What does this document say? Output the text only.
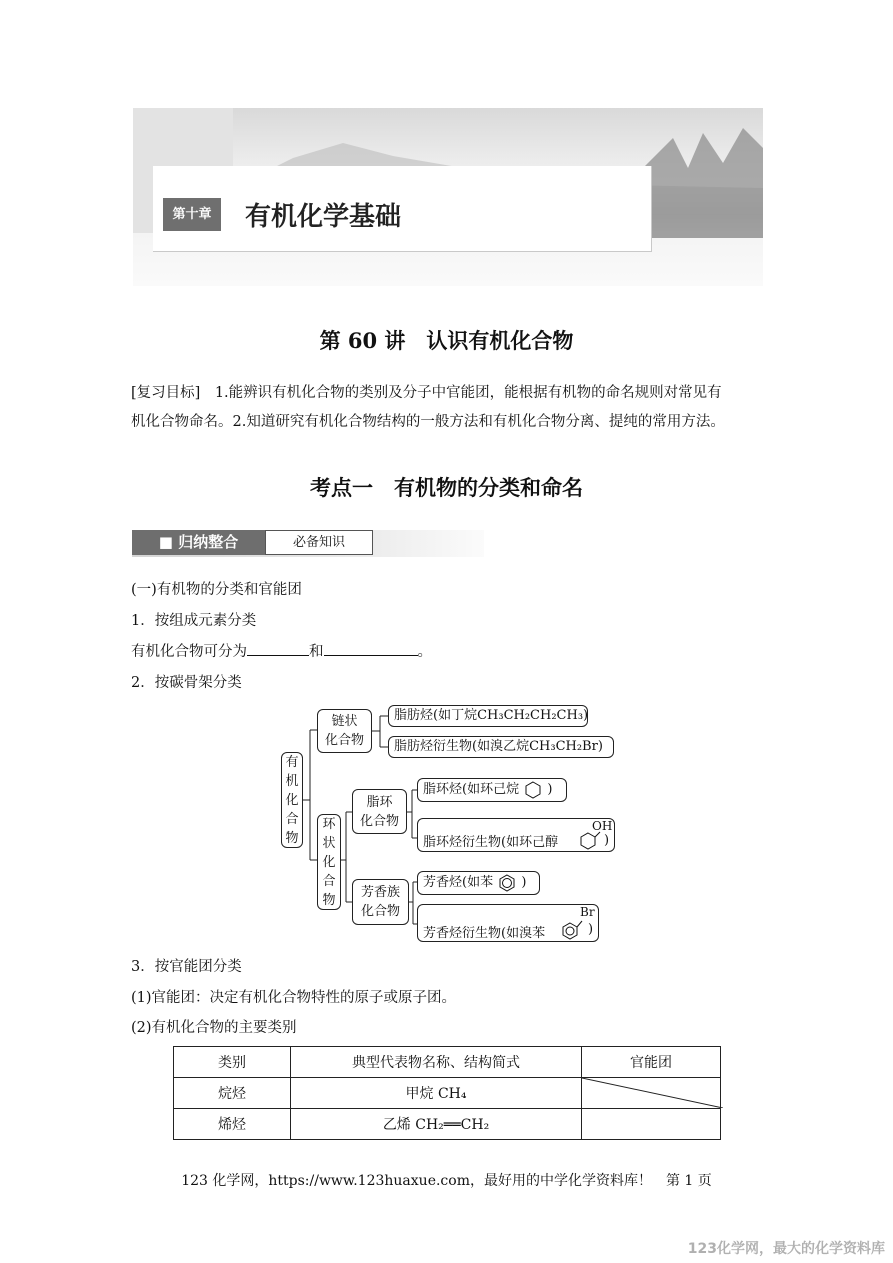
第十章	有机化学基础
第 60 讲　认识有机化合物
[复习目标]　1.能辨识有机化合物的类别及分子中官能团，能根据有机物的命名规则对常见有
机化合物命名。2.知道研究有机化合物结构的一般方法和有机化合物分离、提纯的常用方法。
考点一　有机物的分类和命名
■ 归纳整合	必备知识
(一)有机物的分类和官能团
1．按组成元素分类
有机化合物可分为	和	。
2．按碳骨架分类
有
机
化
合
物
链状
化合物
环
状
化
合
物
脂环
化合物
芳香族
化合物
脂肪烃(如丁烷CH₃CH₂CH₂CH₃)
脂肪烃衍生物(如溴乙烷CH₃CH₂Br)
脂环烃(如环己烷 )
脂环烃衍生物(如环己醇
OH
)
芳香烃(如苯 )
芳香烃衍生物(如溴苯
Br
)
3．按官能团分类
(1)官能团：决定有机化合物特性的原子或原子团。
(2)有机化合物的主要类别
类别	典型代表物名称、结构简式	官能团
烷烃	甲烷 CH₄	

烯烃	乙烯 CH₂══CH₂	
123 化学网，https://www.123huaxue.com，最好用的中学化学资料库！　第 1 页
123化学网，最大的化学资料库
